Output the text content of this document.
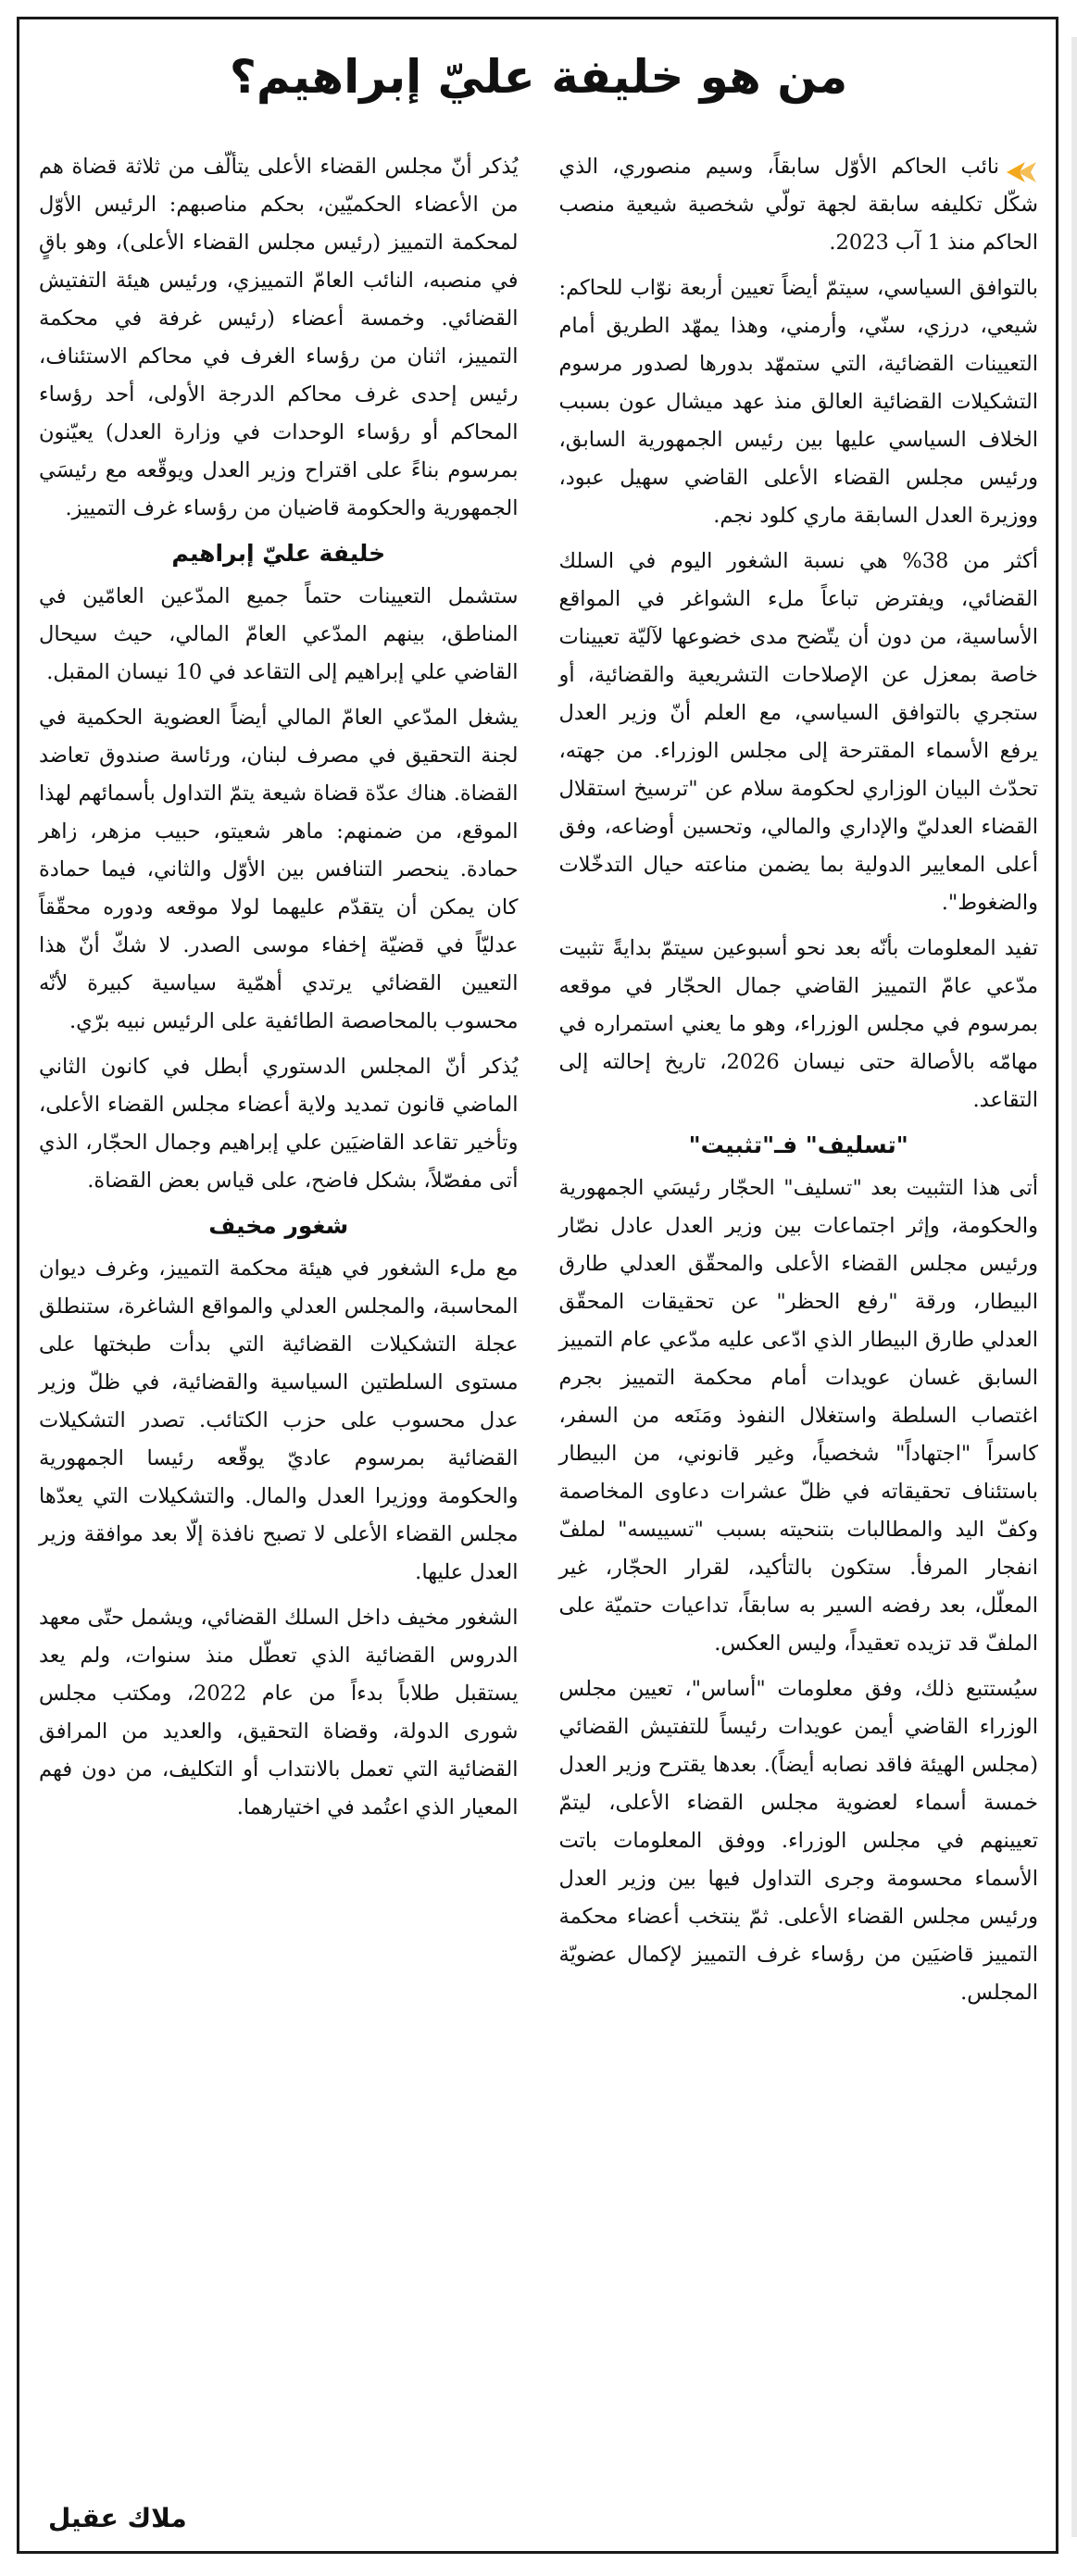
من هو خليفة عليّ إبراهيم؟

نائب الحاكم الأوّل سابقاً، وسيم منصوري، الذي شكّل تكليفه سابقة لجهة تولّي شخصية شيعية منصب الحاكم منذ 1 آب 2023.

بالتوافق السياسي، سيتمّ أيضاً تعيين أربعة نوّاب للحاكم: شيعي، درزي، سنّي، وأرمني، وهذا يمهّد الطريق أمام التعيينات القضائية، التي ستمهّد بدورها لصدور مرسوم التشكيلات القضائية العالق منذ عهد ميشال عون بسبب الخلاف السياسي عليها بين رئيس الجمهورية السابق، ورئيس مجلس القضاء الأعلى القاضي سهيل عبود، ووزيرة العدل السابقة ماري كلود نجم.

أكثر من 38% هي نسبة الشغور اليوم في السلك القضائي، ويفترض تباعاً ملء الشواغر في المواقع الأساسية، من دون أن يتّضح مدى خضوعها لآليّة تعيينات خاصة بمعزل عن الإصلاحات التشريعية والقضائية، أو ستجري بالتوافق السياسي، مع العلم أنّ وزير العدل يرفع الأسماء المقترحة إلى مجلس الوزراء. من جهته، تحدّث البيان الوزاري لحكومة سلام عن "ترسيخ استقلال القضاء العدليّ والإداري والمالي، وتحسين أوضاعه، وفق أعلى المعايير الدولية بما يضمن مناعته حيال التدخّلات والضغوط".

تفيد المعلومات بأنّه بعد نحو أسبوعين سيتمّ بدايةً تثبيت مدّعي عامّ التمييز القاضي جمال الحجّار في موقعه بمرسوم في مجلس الوزراء، وهو ما يعني استمراره في مهامّه بالأصالة حتى نيسان 2026، تاريخ إحالته إلى التقاعد.

"تسليف" فـ"تثبيت"

أتى هذا التثبيت بعد "تسليف" الحجّار رئيسَي الجمهورية والحكومة، وإثر اجتماعات بين وزير العدل عادل نصّار ورئيس مجلس القضاء الأعلى والمحقّق العدلي طارق البيطار، ورقة "رفع الحظر" عن تحقيقات المحقّق العدلي طارق البيطار الذي ادّعى عليه مدّعي عام التمييز السابق غسان عويدات أمام محكمة التمييز بجرم اغتصاب السلطة واستغلال النفوذ ومَنَعه من السفر، كاسراً "اجتهاداً" شخصياً، وغير قانوني، من البيطار باستئناف تحقيقاته في ظلّ عشرات دعاوى المخاصمة وكفّ اليد والمطالبات بتنحيته بسبب "تسييسه" لملفّ انفجار المرفأ. ستكون بالتأكيد، لقرار الحجّار، غير المعلّل، بعد رفضه السير به سابقاً، تداعيات حتميّة على الملفّ قد تزيده تعقيداً، وليس العكس.

سيُستتبع ذلك، وفق معلومات "أساس"، تعيين مجلس الوزراء القاضي أيمن عويدات رئيساً للتفتيش القضائي (مجلس الهيئة فاقد نصابه أيضاً). بعدها يقترح وزير العدل خمسة أسماء لعضوية مجلس القضاء الأعلى، ليتمّ تعيينهم في مجلس الوزراء. ووفق المعلومات باتت الأسماء محسومة وجرى التداول فيها بين وزير العدل ورئيس مجلس القضاء الأعلى. ثمّ ينتخب أعضاء محكمة التمييز قاضيَين من رؤساء غرف التمييز لإكمال عضويّة المجلس.

يُذكر أنّ مجلس القضاء الأعلى يتألّف من ثلاثة قضاة هم من الأعضاء الحكميّين، بحكم مناصبهم: الرئيس الأوّل لمحكمة التمييز (رئيس مجلس القضاء الأعلى)، وهو باقٍ في منصبه، النائب العامّ التمييزي، ورئيس هيئة التفتيش القضائي. وخمسة أعضاء (رئيس غرفة في محكمة التمييز، اثنان من رؤساء الغرف في محاكم الاستئناف، رئيس إحدى غرف محاكم الدرجة الأولى، أحد رؤساء المحاكم أو رؤساء الوحدات في وزارة العدل) يعيّنون بمرسوم بناءً على اقتراح وزير العدل ويوقّعه مع رئيسَي الجمهورية والحكومة قاضيان من رؤساء غرف التمييز.

خليفة عليّ إبراهيم

ستشمل التعيينات حتماً جميع المدّعين العامّين في المناطق، بينهم المدّعي العامّ المالي، حيث سيحال القاضي علي إبراهيم إلى التقاعد في 10 نيسان المقبل.

يشغل المدّعي العامّ المالي أيضاً العضوية الحكمية في لجنة التحقيق في مصرف لبنان، ورئاسة صندوق تعاضد القضاة. هناك عدّة قضاة شيعة يتمّ التداول بأسمائهم لهذا الموقع، من ضمنهم: ماهر شعيتو، حبيب مزهر، زاهر حمادة. ينحصر التنافس بين الأوّل والثاني، فيما حمادة كان يمكن أن يتقدّم عليهما لولا موقعه ودوره محقّقاً عدليّاً في قضيّة إخفاء موسى الصدر. لا شكّ أنّ هذا التعيين القضائي يرتدي أهمّية سياسية كبيرة لأنّه محسوب بالمحاصصة الطائفية على الرئيس نبيه برّي.

يُذكر أنّ المجلس الدستوري أبطل في كانون الثاني الماضي قانون تمديد ولاية أعضاء مجلس القضاء الأعلى، وتأخير تقاعد القاضيَين علي إبراهيم وجمال الحجّار، الذي أتى مفصّلاً، بشكل فاضح، على قياس بعض القضاة.

شغور مخيف

مع ملء الشغور في هيئة محكمة التمييز، وغرف ديوان المحاسبة، والمجلس العدلي والمواقع الشاغرة، ستنطلق عجلة التشكيلات القضائية التي بدأت طبختها على مستوى السلطتين السياسية والقضائية، في ظلّ وزير عدل محسوب على حزب الكتائب. تصدر التشكيلات القضائية بمرسوم عاديّ يوقّعه رئيسا الجمهورية والحكومة ووزيرا العدل والمال. والتشكيلات التي يعدّها مجلس القضاء الأعلى لا تصبح نافذة إلّا بعد موافقة وزير العدل عليها.

الشغور مخيف داخل السلك القضائي، ويشمل حتّى معهد الدروس القضائية الذي تعطّل منذ سنوات، ولم يعد يستقبل طلاباً بدءاً من عام 2022، ومكتب مجلس شورى الدولة، وقضاة التحقيق، والعديد من المرافق القضائية التي تعمل بالانتداب أو التكليف، من دون فهم المعيار الذي اعتُمد في اختيارهما.

ملاك عقيل
